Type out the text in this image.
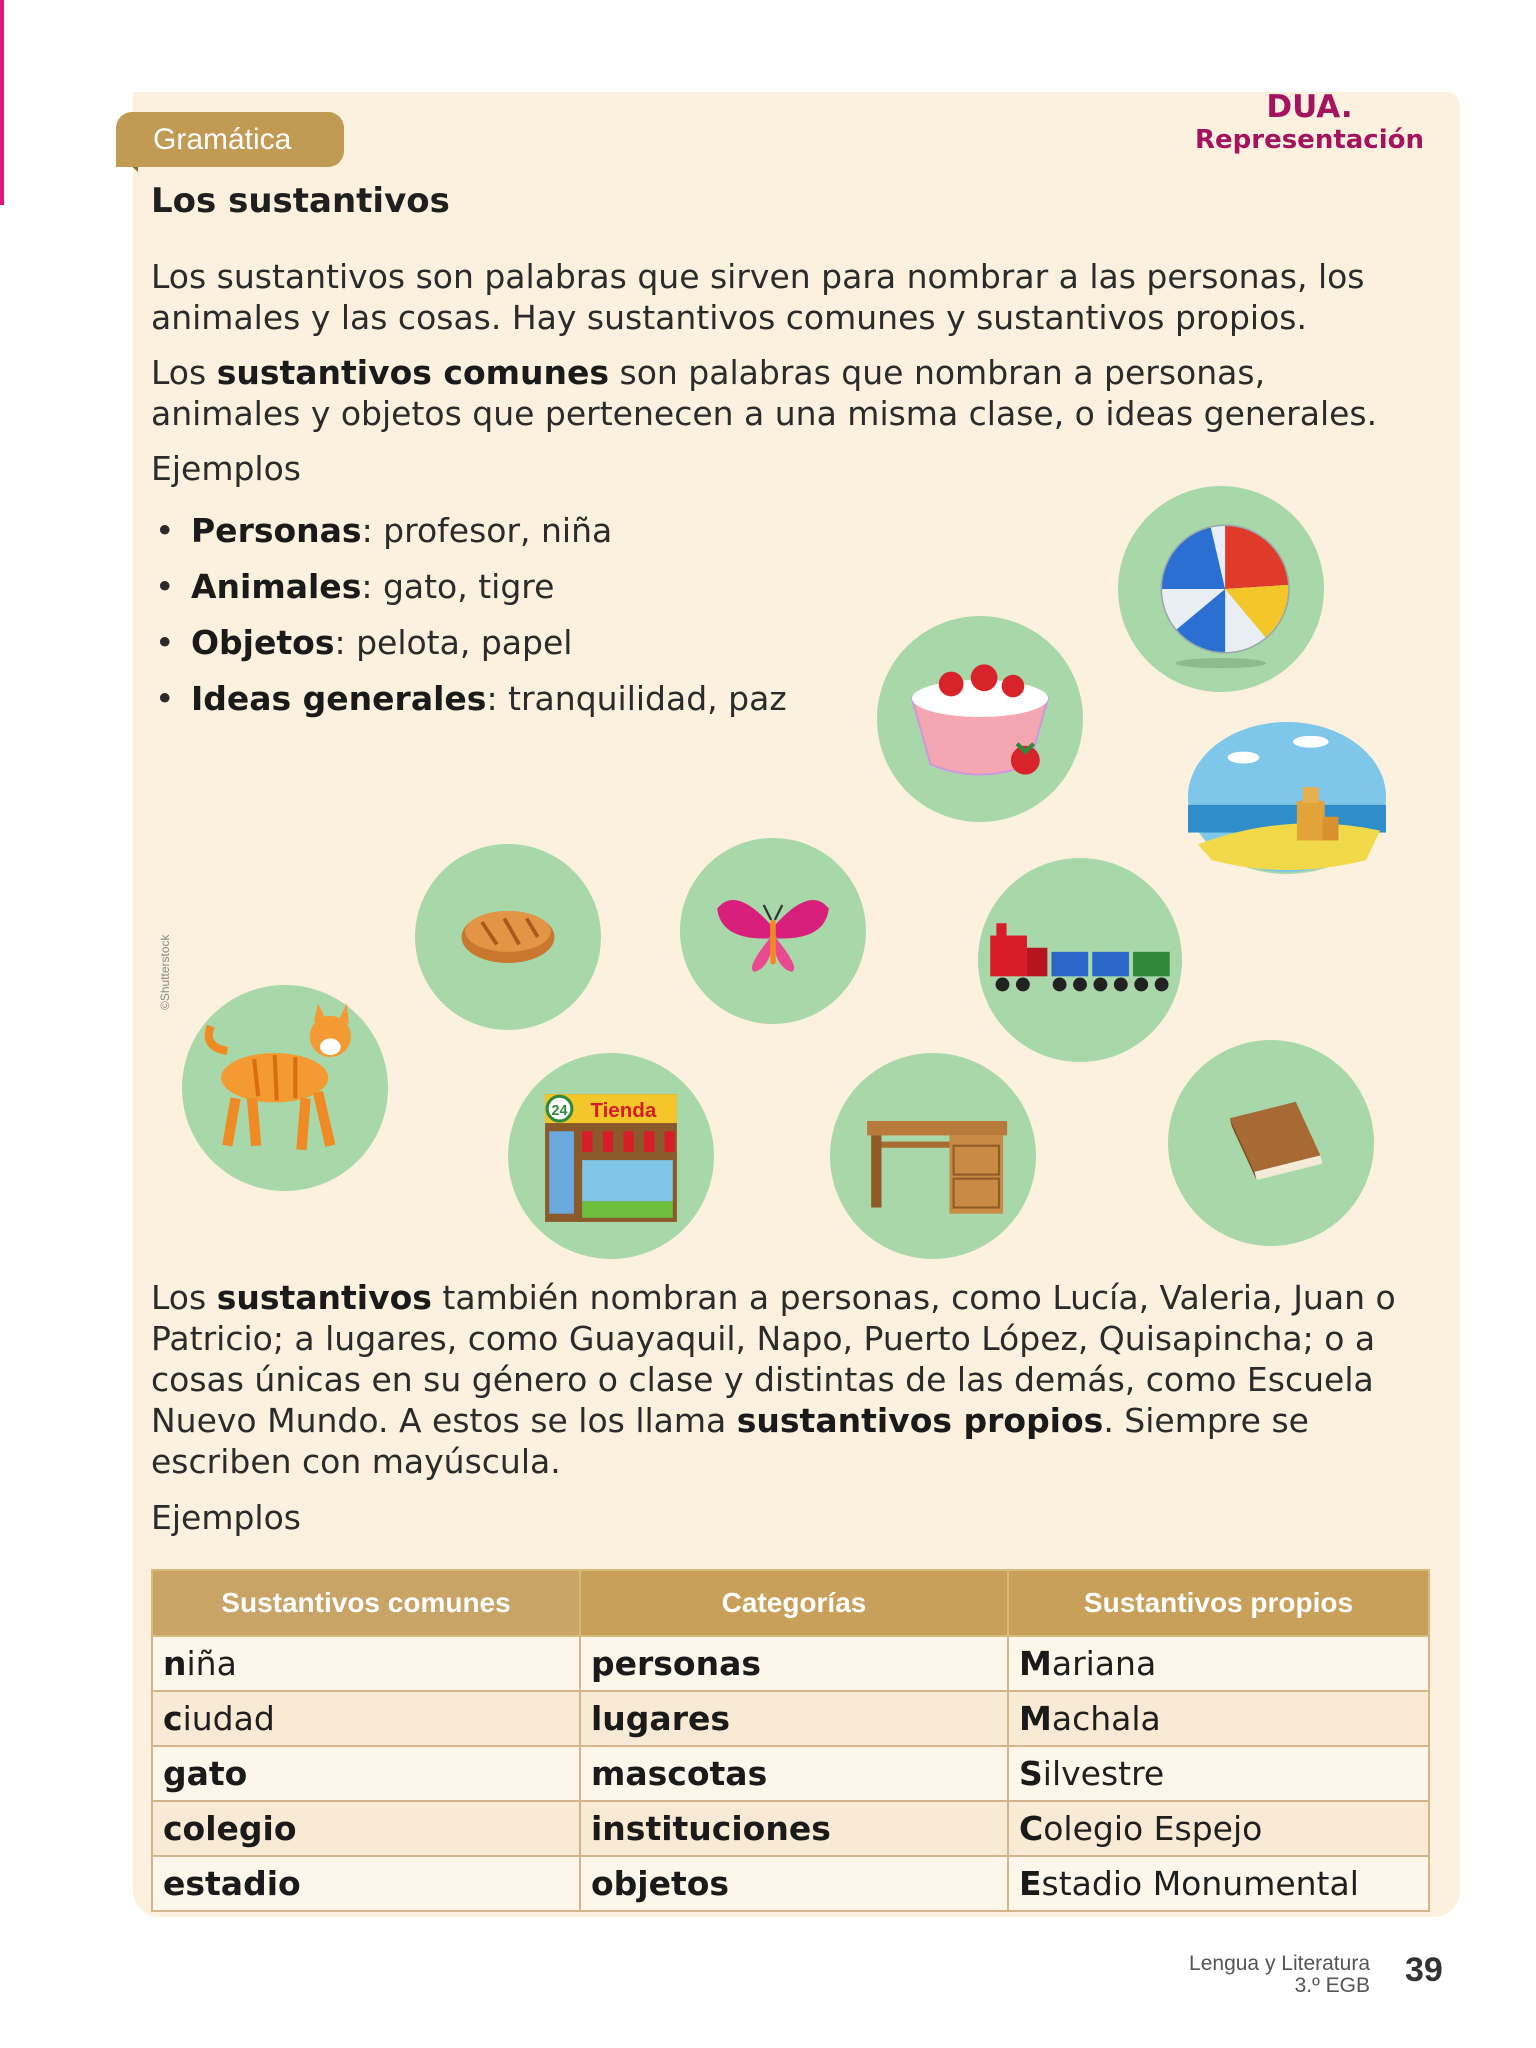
DUA.
Representación
Gramática
Los sustantivos

Los sustantivos son palabras que sirven para nombrar a las personas, los animales y las cosas. Hay sustantivos comunes y sustantivos propios.

Los sustantivos comunes son palabras que nombran a personas, animales y objetos que pertenecen a una misma clase, o ideas generales.

Ejemplos

• Personas: profesor, niña
• Animales: gato, tigre
• Objetos: pelota, papel
• Ideas generales: tranquilidad, paz
24 Tienda
©Shutterstock

Los sustantivos también nombran a personas, como Lucía, Valeria, Juan o Patricio; a lugares, como Guayaquil, Napo, Puerto López, Quisapincha; o a cosas únicas en su género o clase y distintas de las demás, como Escuela Nuevo Mundo. A estos se los llama sustantivos propios. Siempre se escriben con mayúscula.

Ejemplos

Sustantivos comunes	Categorías	Sustantivos propios
niña	personas	Mariana
ciudad	lugares	Machala
gato	mascotas	Silvestre
colegio	instituciones	Colegio Espejo
estadio	objetos	Estadio Monumental
Lengua y Literatura
3.º EGB 39
